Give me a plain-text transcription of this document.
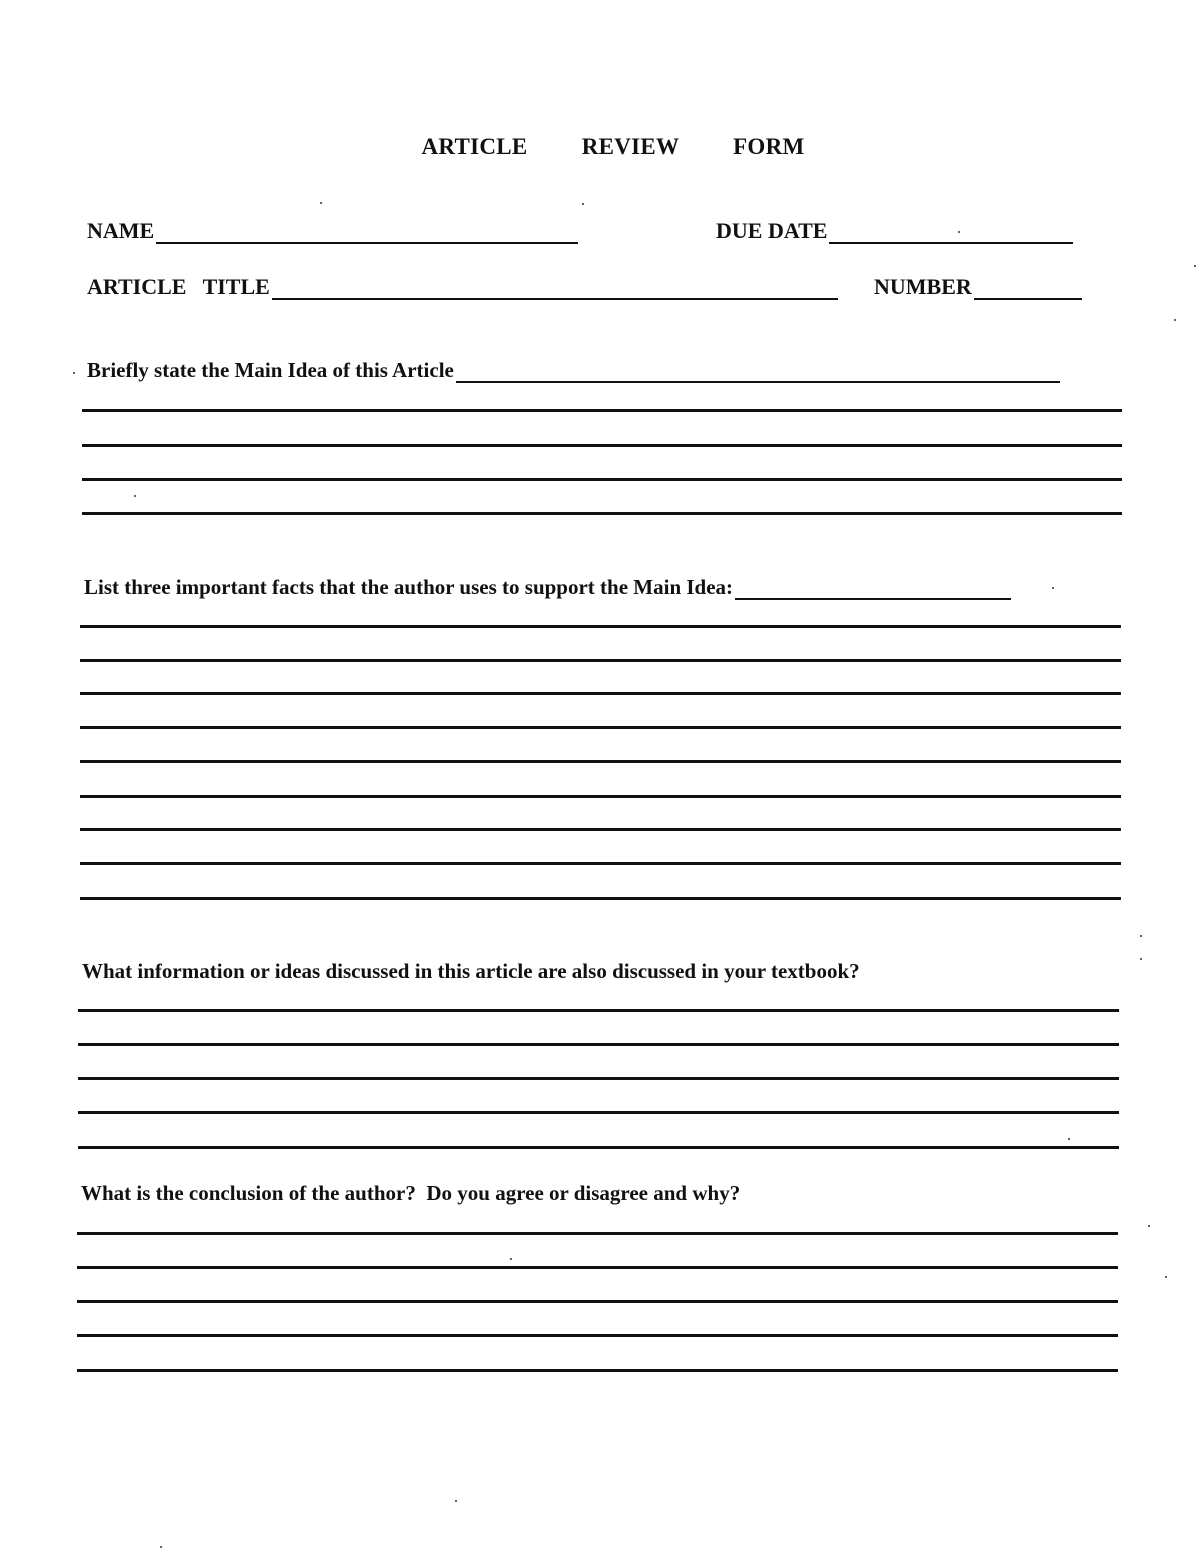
ARTICLE   REVIEW   FORM
NAME	DUE DATE
ARTICLE   TITLE	NUMBER
Briefly state the Main Idea of this Article
List three important facts that the author uses to support the Main Idea:
What information or ideas discussed in this article are also discussed in your textbook?
What is the conclusion of the author?  Do you agree or disagree and why?
